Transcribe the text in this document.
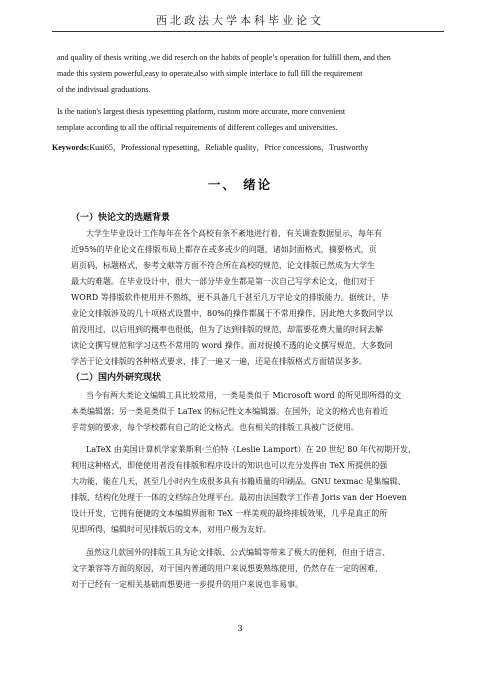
西北政法大学本科毕业论文
and quality of thesis writing ,we did reserch on the habits of people’s operation for fulfill them, and then
made this system powerful,easy to operate,also with simple interface to full fill the requirement
of the indivisual graduations.
Is the nation's largest thesis typesettting platform, custom more accurate, more convenient
template according to all the official requirements of different colleges and universities.
Keywords:Kuai65，Professional typesetting，Reliable quality，Price concessions，Trustworthy
一、 绪论
（一）快论文的选题背景
大学生毕业设计工作每年在各个高校有条不紊地进行着，有关调查数据显示，每年有
近95%的毕业论文在排版布局上都存在或多或少的问题，诸如封面格式，摘要格式，页
眉页码，标题格式，参考文献等方面不符合所在高校的规范，论文排版已然成为大学生
最大的难题。在毕业设计中，很大一部分毕业生都是第一次自己写学术论文，他们对于
WORD 等排版软件使用并不熟练，更不具备几千甚至几万字论文的排版能力。据统计，毕
业论文排版涉及的几十项格式设置中，80%的操作都属于不常用操作，因此绝大多数同学以
前没用过，以后用到的概率也很低，但为了达到排版的规范，却需要花费大量的时间去解
读论文撰写规范和学习这些不常用的 word 操作。面对捉摸不透的论文撰写规范，大多数同
学苦于论文排版的各种格式要求，排了一遍又一遍，还是在排版格式方面错误多多。
（二）国内外研究现状
当今有两大类论文编辑工具比较常用，一类是类似于 Microsoft word 的所见即所得的文
本类编辑器；另一类是类似于 LaTex 的标记性文本编辑器。在国外，论文的格式也有着近
乎苛刻的要求，每个学校都有自己的论文格式。也有相关的排版工具被广泛使用。
LaTeX 由美国计算机学家莱斯利·兰伯特（Leslie Lamport）在 20 世纪 80 年代初期开发，
利用这种格式，即使使用者没有排版和程序设计的知识也可以充分发挥由 TeX 所提供的强
大功能，能在几天，甚至几小时内生成很多具有书籍质量的印刷品。GNU texmac 是集编辑、
排版、结构化处理于一体的文档综合处理平台。最初由法国数学工作者 Joris van der Hoeven
设计开发，它拥有便捷的文本编辑界面和 TeX 一样美观的最终排版效果，几乎是真正的所
见即所得，编辑时可见排版后的文本，对用户极为友好。
虽然这几款国外的排版工具为论文排版、公式编辑等带来了极大的便利，但由于语言、
文字兼容等方面的原因，对于国内普通的用户来说想要熟练使用，仍然存在一定的困难，
对于已经有一定相关基础而想要进一步提升的用户来说也非易事。
3
